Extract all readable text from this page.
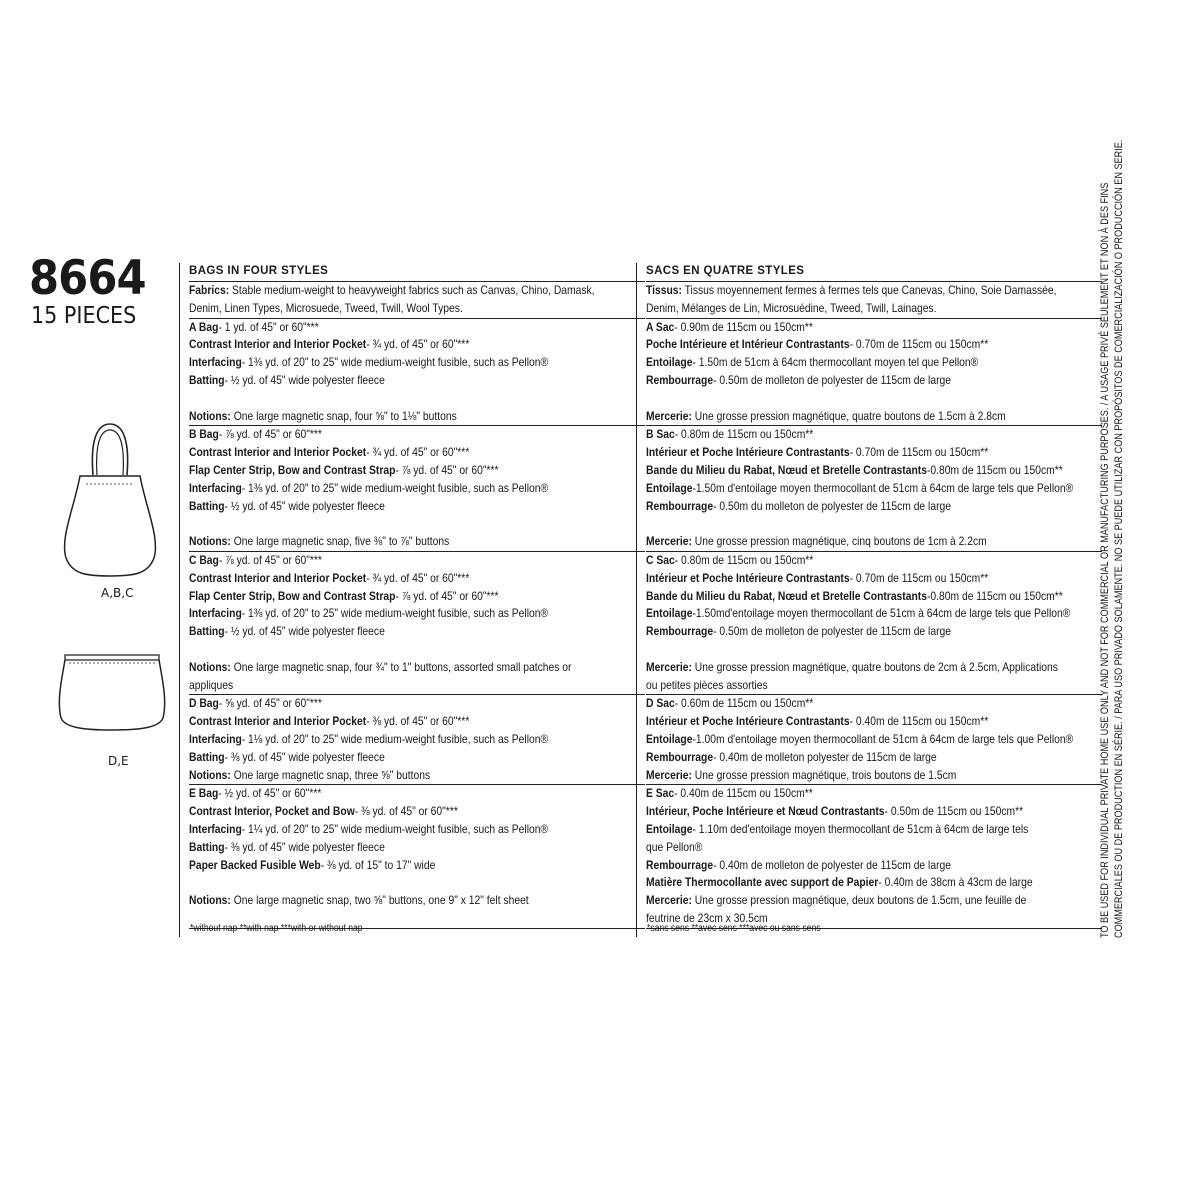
8664
15 PIECES
A,B,C
D,E
BAGS IN FOUR STYLES
Fabrics: Stable medium-weight to heavyweight fabrics such as Canvas, Chino, Damask,
Denim, Linen Types, Microsuede, Tweed, Twill, Wool Types.
A Bag- 1 yd. of 45" or 60"***
Contrast Interior and Interior Pocket- ¾ yd. of 45" or 60"***
Interfacing- 1⅜ yd. of 20" to 25" wide medium-weight fusible, such as Pellon®
Batting- ½ yd. of 45" wide polyester fleece
Notions: One large magnetic snap, four ⅝" to 1⅛" buttons
B Bag- ⅞ yd. of 45" or 60"***
Contrast Interior and Interior Pocket- ¾ yd. of 45" or 60"***
Flap Center Strip, Bow and Contrast Strap- ⅞ yd. of 45" or 60"***
Interfacing- 1⅜ yd. of 20" to 25" wide medium-weight fusible, such as Pellon®
Batting- ½ yd. of 45" wide polyester fleece
Notions: One large magnetic snap, five ⅜" to ⅞" buttons
C Bag- ⅞ yd. of 45" or 60"***
Contrast Interior and Interior Pocket- ¾ yd. of 45" or 60"***
Flap Center Strip, Bow and Contrast Strap- ⅞ yd. of 45" or 60"***
Interfacing- 1⅜ yd. of 20" to 25" wide medium-weight fusible, such as Pellon®
Batting- ½ yd. of 45" wide polyester fleece
Notions: One large magnetic snap, four ¾" to 1" buttons, assorted small patches or
appliques
D Bag- ⅝ yd. of 45" or 60"***
Contrast Interior and Interior Pocket- ⅜ yd. of 45" or 60"***
Interfacing- 1⅛ yd. of 20" to 25" wide medium-weight fusible, such as Pellon®
Batting- ⅜ yd. of 45" wide polyester fleece
Notions: One large magnetic snap, three ⅝" buttons
E Bag- ½ yd. of 45" or 60"***
Contrast Interior, Pocket and Bow- ⅜ yd. of 45" or 60"***
Interfacing- 1¼ yd. of 20" to 25" wide medium-weight fusible, such as Pellon®
Batting- ⅜ yd. of 45" wide polyester fleece
Paper Backed Fusible Web- ⅜ yd. of 15" to 17" wide
Notions: One large magnetic snap, two ⅝" buttons, one 9" x 12" felt sheet
*without nap **with nap ***with or without nap
SACS EN QUATRE STYLES
Tissus: Tissus moyennement fermes à fermes tels que Canevas, Chino, Soie Damassée,
Denim, Mélanges de Lin, Microsuédine, Tweed, Twill, Lainages.
A Sac- 0.90m de 115cm ou 150cm**
Poche Intérieure et Intérieur Contrastants- 0.70m de 115cm ou 150cm**
Entoilage- 1.50m de 51cm à 64cm thermocollant moyen tel que Pellon®
Rembourrage- 0.50m de molleton de polyester de 115cm de large
Mercerie: Une grosse pression magnétique, quatre boutons de 1.5cm à 2.8cm
B Sac- 0.80m de 115cm ou 150cm**
Intérieur et Poche Intérieure Contrastants- 0.70m de 115cm ou 150cm**
Bande du Milieu du Rabat, Nœud et Bretelle Contrastants-0.80m de 115cm ou 150cm**
Entoilage-1.50m d'entoilage moyen thermocollant de 51cm à 64cm de large tels que Pellon®
Rembourrage- 0.50m du molleton de polyester de 115cm de large
Mercerie: Une grosse pression magnétique, cinq boutons de 1cm à 2.2cm
C Sac- 0.80m de 115cm ou 150cm**
Intérieur et Poche Intérieure Contrastants- 0.70m de 115cm ou 150cm**
Bande du Milieu du Rabat, Nœud et Bretelle Contrastants-0.80m de 115cm ou 150cm**
Entoilage-1.50md'entoilage moyen thermocollant de 51cm à 64cm de large tels que Pellon®
Rembourrage- 0.50m de molleton de polyester de 115cm de large
Mercerie: Une grosse pression magnétique, quatre boutons de 2cm à 2.5cm, Applications
ou petites pièces assorties
D Sac- 0.60m de 115cm ou 150cm**
Intérieur et Poche Intérieure Contrastants- 0.40m de 115cm ou 150cm**
Entoilage-1.00m d'entoilage moyen thermocollant de 51cm à 64cm de large tels que Pellon®
Rembourrage- 0.40m de molleton polyester de 115cm de large
Mercerie: Une grosse pression magnétique, trois boutons de 1.5cm
E Sac- 0.40m de 115cm ou 150cm**
Intérieur, Poche Intérieure et Nœud Contrastants- 0.50m de 115cm ou 150cm**
Entoilage- 1.10m ded'entoilage moyen thermocollant de 51cm à 64cm de large tels
que Pellon®
Rembourrage- 0.40m de molleton de polyester de 115cm de large
Matière Thermocollante avec support de Papier- 0.40m de 38cm à 43cm de large
Mercerie: Une grosse pression magnétique, deux boutons de 1.5cm, une feuille de
feutrine de 23cm x 30.5cm
*sans sens **avec sens ***avec ou sans sens	TO BE USED FOR INDIVIDUAL PRIVATE HOME USE ONLY AND NOT FOR COMMERCIAL OR MANUFACTURING PURPOSES. / A USAGE PRIVÉ SEULEMENT ET NON À DES FINS COMMERCIALES OU DE PRODUCTION EN SÉRIE. / PARA USO PRIVADO SOLAMENTE. NO SE PUEDE UTILIZAR CON PROPÓSITOS DE COMERCIALIZACIÓN O PRODUCCIÓN EN SERIE.
